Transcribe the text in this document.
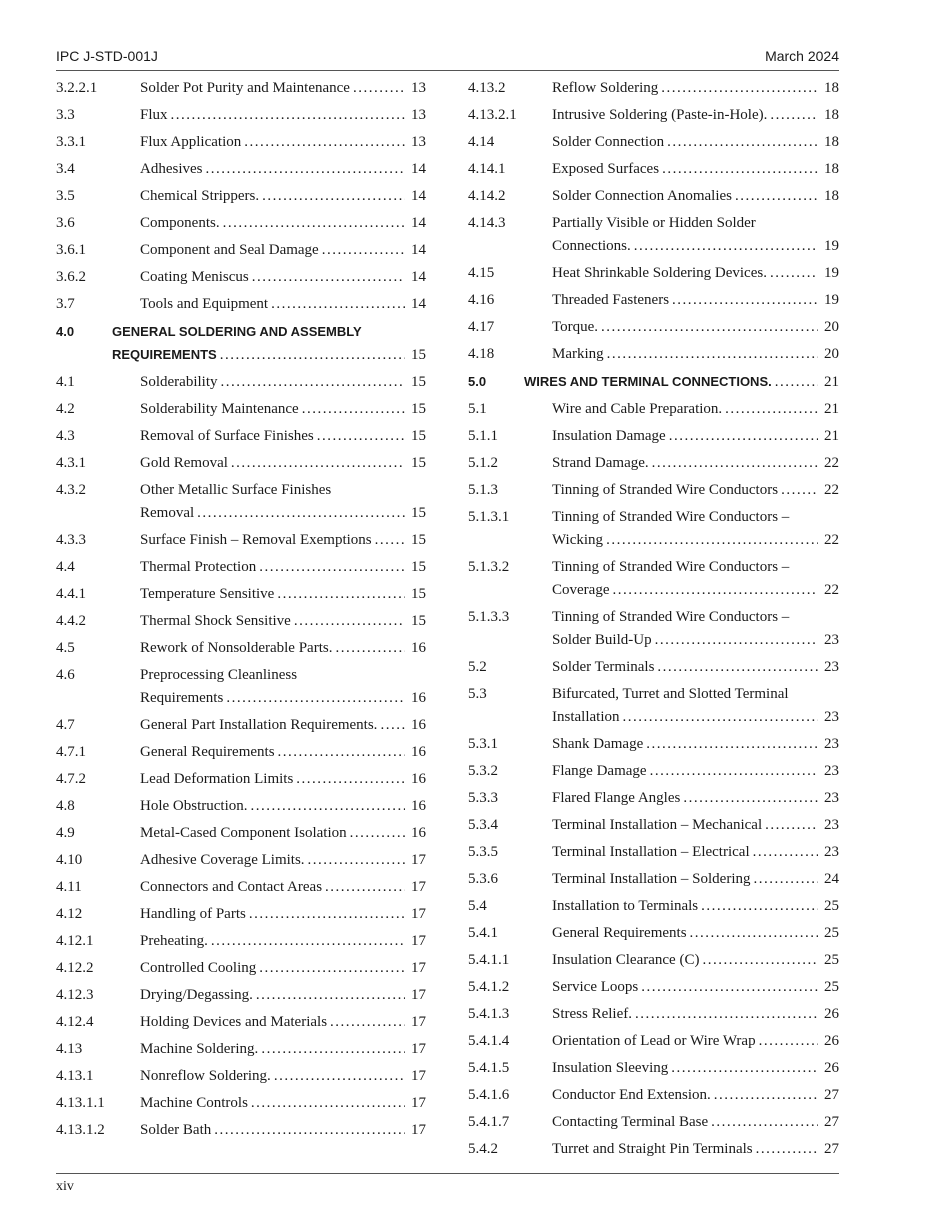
IPC J-STD-001J	March 2024
3.2.2.1	Solder Pot Purity and Maintenance .....	13
3.3	Flux .....	13
3.3.1	Flux Application .....	13
3.4	Adhesives .....	14
3.5	Chemical Strippers. .....	14
3.6	Components. .....	14
3.6.1	Component and Seal Damage .....	14
3.6.2	Coating Meniscus .....	14
3.7	Tools and Equipment .....	14
4.0	GENERAL SOLDERING AND ASSEMBLY
REQUIREMENTS .....	15
4.1	Solderability .....	15
4.2	Solderability Maintenance .....	15
4.3	Removal of Surface Finishes .....	15
4.3.1	Gold Removal .....	15
4.3.2	Other Metallic Surface Finishes
Removal .....	15
4.3.3	Surface Finish – Removal Exemptions .....	15
4.4	Thermal Protection .....	15
4.4.1	Temperature Sensitive .....	15
4.4.2	Thermal Shock Sensitive .....	15
4.5	Rework of Nonsolderable Parts. .....	16
4.6	Preprocessing Cleanliness
Requirements .....	16
4.7	General Part Installation Requirements. ..... 16
4.7.1	General Requirements .....	16
4.7.2	Lead Deformation Limits .....	16
4.8	Hole Obstruction. .....	16
4.9	Metal-Cased Component Isolation .....	16
4.10	Adhesive Coverage Limits. .....	17
4.11	Connectors and Contact Areas .....	17
4.12	Handling of Parts .....	17
4.12.1	Preheating. .....	17
4.12.2	Controlled Cooling .....	17
4.12.3	Drying/Degassing. .....	17
4.12.4	Holding Devices and Materials .....	17
4.13	Machine Soldering. .....	17
4.13.1	Nonreflow Soldering. .....	17
4.13.1.1 Machine Controls .....	17
4.13.1.2 Solder Bath .....	17
4.13.2	Reflow Soldering .....	18
4.13.2.1 Intrusive Soldering (Paste-in-Hole). .....	18
4.14	Solder Connection .....	18
4.14.1	Exposed Surfaces .....	18
4.14.2	Solder Connection Anomalies .....	18
4.14.3	Partially Visible or Hidden Solder
Connections. .....	19
4.15	Heat Shrinkable Soldering Devices. .....	19
4.16	Threaded Fasteners .....	19
4.17	Torque. .....	20
4.18	Marking .....	20
5.0	WIRES AND TERMINAL CONNECTIONS. .....	21
5.1	Wire and Cable Preparation. .....	21
5.1.1	Insulation Damage .....	21
5.1.2	Strand Damage. .....	22
5.1.3	Tinning of Stranded Wire Conductors .....	22
5.1.3.1	Tinning of Stranded Wire Conductors –
Wicking .....	22
5.1.3.2	Tinning of Stranded Wire Conductors –
Coverage .....	22
5.1.3.3	Tinning of Stranded Wire Conductors –
Solder Build-Up .....	23
5.2	Solder Terminals .....	23
5.3	Bifurcated, Turret and Slotted Terminal
Installation .....	23
5.3.1	Shank Damage .....	23
5.3.2	Flange Damage .....	23
5.3.3	Flared Flange Angles .....	23
5.3.4	Terminal Installation – Mechanical .....	23
5.3.5	Terminal Installation – Electrical .....	23
5.3.6	Terminal Installation – Soldering .....	24
5.4	Installation to Terminals .....	25
5.4.1	General Requirements .....	25
5.4.1.1	Insulation Clearance (C) .....	25
5.4.1.2	Service Loops .....	25
5.4.1.3	Stress Relief. .....	26
5.4.1.4	Orientation of Lead or Wire Wrap .....	26
5.4.1.5	Insulation Sleeving .....	26
5.4.1.6	Conductor End Extension. .....	27
5.4.1.7	Contacting Terminal Base .....	27
5.4.2	Turret and Straight Pin Terminals .....	27
xiv
